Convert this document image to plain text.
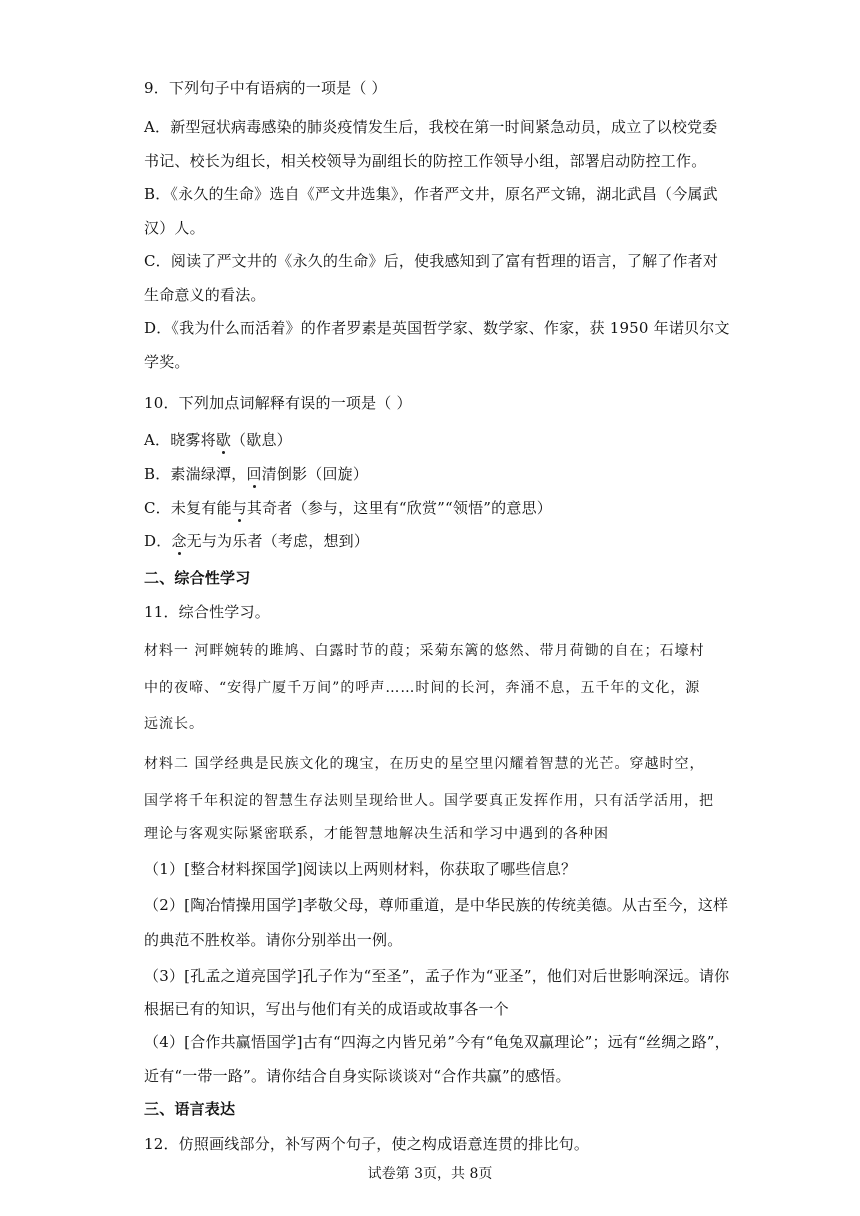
9．下列句子中有语病的一项是（ ）
A．新型冠状病毒感染的肺炎疫情发生后，我校在第一时间紧急动员，成立了以校党委
书记、校长为组长，相关校领导为副组长的防控工作领导小组，部署启动防控工作。
B．《永久的生命》选自《严文井选集》，作者严文井，原名严文锦，湖北武昌（今属武
汉）人。
C．阅读了严文井的《永久的生命》后，使我感知到了富有哲理的语言，了解了作者对
生命意义的看法。
D．《我为什么而活着》的作者罗素是英国哲学家、数学家、作家，获 1950 年诺贝尔文
学奖。
10．下列加点词解释有误的一项是（ ）
A．晓雾将歇（歇息）
B．素湍绿潭，回清倒影（回旋）
C．未复有能与其奇者（参与，这里有“欣赏”“领悟”的意思）
D．念无与为乐者（考虑，想到）
二、综合性学习
11．综合性学习。
材料一 河畔婉转的雎鸠、白露时节的葭；采菊东篱的悠然、带月荷锄的自在；石壕村
中的夜啼、“安得广厦千万间”的呼声……时间的长河，奔涌不息，五千年的文化，源
远流长。
材料二 国学经典是民族文化的瑰宝，在历史的星空里闪耀着智慧的光芒。穿越时空，
国学将千年积淀的智慧生存法则呈现给世人。国学要真正发挥作用，只有活学活用，把
理论与客观实际紧密联系，才能智慧地解决生活和学习中遇到的各种困
（1）[整合材料探国学]阅读以上两则材料，你获取了哪些信息？
（2）[陶冶情操用国学]孝敬父母，尊师重道，是中华民族的传统美德。从古至今，这样
的典范不胜枚举。请你分别举出一例。
（3）[孔孟之道亮国学]孔子作为“至圣”，孟子作为“亚圣”，他们对后世影响深远。请你
根据已有的知识，写出与他们有关的成语或故事各一个
（4）[合作共赢悟国学]古有“四海之内皆兄弟”今有“龟兔双赢理论”；远有“丝绸之路”，
近有“一带一路”。请你结合自身实际谈谈对“合作共赢”的感悟。
三、语言表达
12．仿照画线部分，补写两个句子，使之构成语意连贯的排比句。
试卷第 3页，共 8页
